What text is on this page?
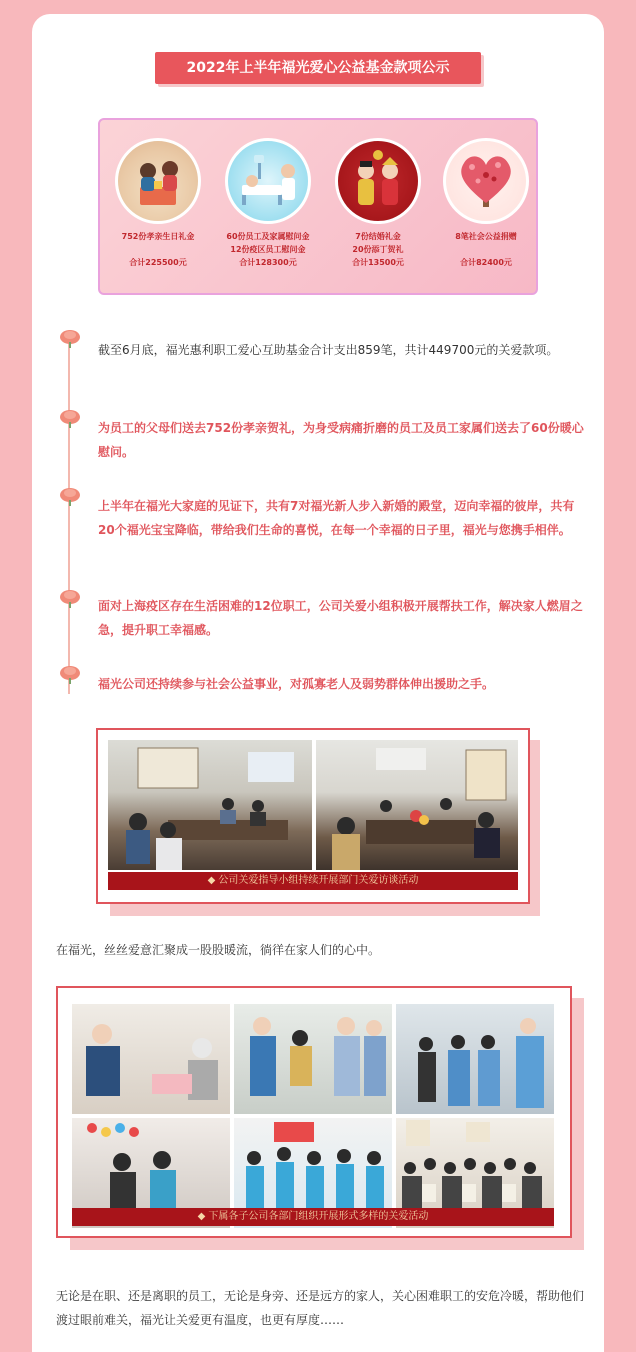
2022年上半年福光爱心公益基金款项公示
752份孝亲生日礼金
合计225500元
60份员工及家属慰问金
12份疫区员工慰问金
合计128300元
7份结婚礼金
20份添丁贺礼
合计13500元
8笔社会公益捐赠
合计82400元
截至6月底，福光惠利职工爱心互助基金合计支出859笔，共计449700元的关爱款项。
为员工的父母们送去752份孝亲贺礼，为身受病痛折磨的员工及员工家属们送去了60份暖心慰问。
上半年在福光大家庭的见证下，共有7对福光新人步入新婚的殿堂，迈向幸福的彼岸，共有20个福光宝宝降临，带给我们生命的喜悦，在每一个幸福的日子里，福光与您携手相伴。
面对上海疫区存在生活困难的12位职工，公司关爱小组积极开展帮扶工作，解决家人燃眉之急，提升职工幸福感。
福光公司还持续参与社会公益事业，对孤寡老人及弱势群体伸出援助之手。
◆ 公司关爱指导小组持续开展部门关爱访谈活动
在福光，丝丝爱意汇聚成一股股暖流，徜徉在家人们的心中。
◆ 下属各子公司各部门组织开展形式多样的关爱活动
无论是在职、还是离职的员工，无论是身旁、还是远方的家人，关心困难职工的安危冷暖，帮助他们渡过眼前难关，福光让关爱更有温度，也更有厚度……
